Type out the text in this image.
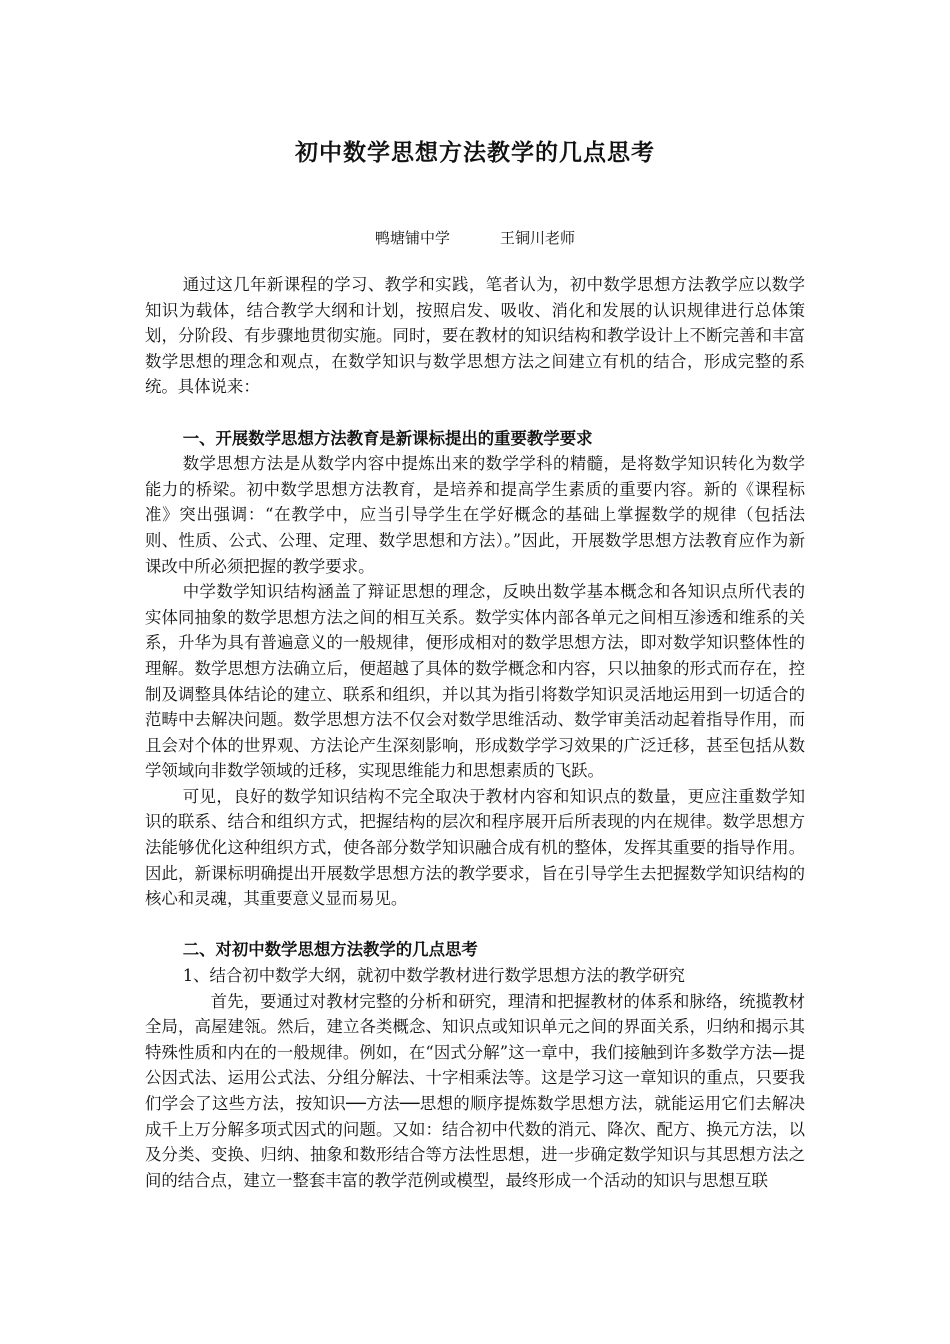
初中数学思想方法教学的几点思考
鸭塘铺中学	王铜川老师

通过这几年新课程的学习、教学和实践，笔者认为，初中数学思想方法教学应以数学知识为载体，结合教学大纲和计划，按照启发、吸收、消化和发展的认识规律进行总体策划，分阶段、有步骤地贯彻实施。同时，要在教材的知识结构和教学设计上不断完善和丰富数学思想的理念和观点，在数学知识与数学思想方法之间建立有机的结合，形成完整的系统。具体说来：

一、开展数学思想方法教育是新课标提出的重要教学要求

数学思想方法是从数学内容中提炼出来的数学学科的精髓，是将数学知识转化为数学能力的桥梁。初中数学思想方法教育，是培养和提高学生素质的重要内容。新的《课程标准》突出强调：“在教学中，应当引导学生在学好概念的基础上掌握数学的规律（包括法则、性质、公式、公理、定理、数学思想和方法）。”因此，开展数学思想方法教育应作为新课改中所必须把握的教学要求。

中学数学知识结构涵盖了辩证思想的理念，反映出数学基本概念和各知识点所代表的实体同抽象的数学思想方法之间的相互关系。数学实体内部各单元之间相互渗透和维系的关系，升华为具有普遍意义的一般规律，便形成相对的数学思想方法，即对数学知识整体性的理解。数学思想方法确立后，便超越了具体的数学概念和内容，只以抽象的形式而存在，控制及调整具体结论的建立、联系和组织，并以其为指引将数学知识灵活地运用到一切适合的范畴中去解决问题。数学思想方法不仅会对数学思维活动、数学审美活动起着指导作用，而且会对个体的世界观、方法论产生深刻影响，形成数学学习效果的广泛迁移，甚至包括从数学领域向非数学领域的迁移，实现思维能力和思想素质的飞跃。

可见，良好的数学知识结构不完全取决于教材内容和知识点的数量，更应注重数学知识的联系、结合和组织方式，把握结构的层次和程序展开后所表现的内在规律。数学思想方法能够优化这种组织方式，使各部分数学知识融合成有机的整体，发挥其重要的指导作用。因此，新课标明确提出开展数学思想方法的教学要求，旨在引导学生去把握数学知识结构的核心和灵魂，其重要意义显而易见。

二、对初中数学思想方法教学的几点思考

1、结合初中数学大纲，就初中数学教材进行数学思想方法的教学研究

首先，要通过对教材完整的分析和研究，理清和把握教材的体系和脉络，统揽教材全局，高屋建瓴。然后，建立各类概念、知识点或知识单元之间的界面关系，归纳和揭示其特殊性质和内在的一般规律。例如，在“因式分解”这一章中，我们接触到许多数学方法—提公因式法、运用公式法、分组分解法、十字相乘法等。这是学习这一章知识的重点，只要我们学会了这些方法，按知识──方法──思想的顺序提炼数学思想方法，就能运用它们去解决成千上万分解多项式因式的问题。又如：结合初中代数的消元、降次、配方、换元方法，以及分类、变换、归纳、抽象和数形结合等方法性思想，进一步确定数学知识与其思想方法之间的结合点，建立一整套丰富的教学范例或模型，最终形成一个活动的知识与思想互联
